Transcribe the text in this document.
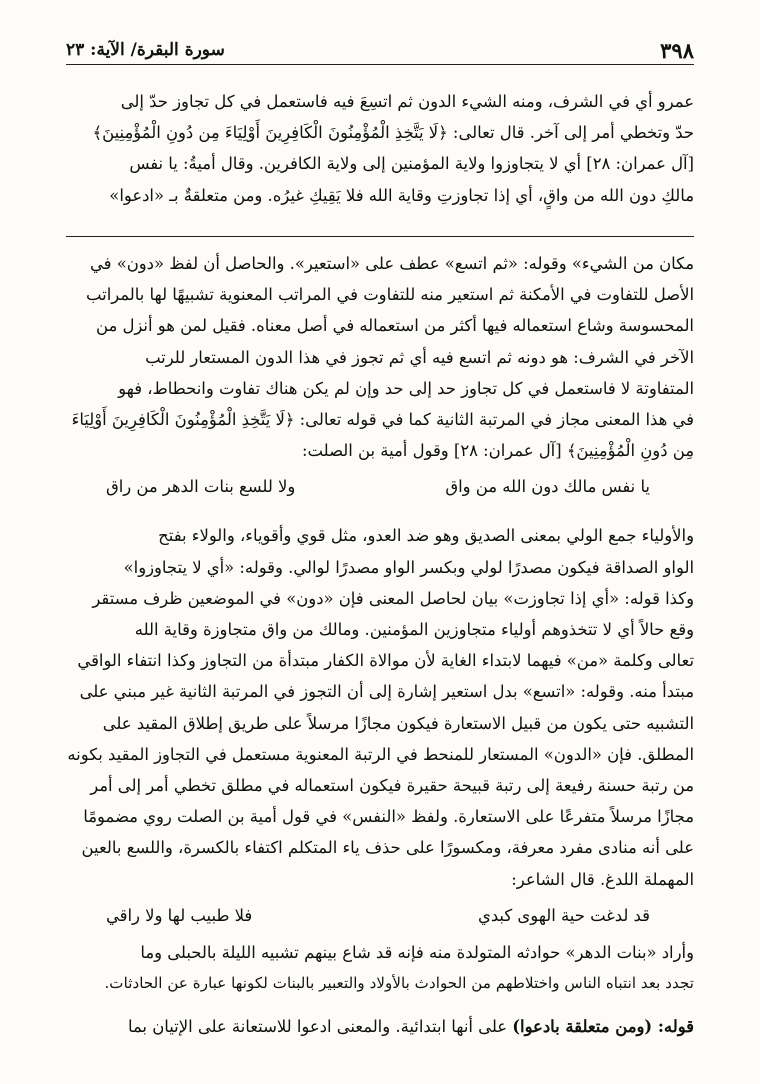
٣٩٨
سورة البقرة/ الآية: ٢٣

عمرو أي في الشرف، ومنه الشيء الدون ثم اتسِعَ فيه فاستعمل في كل تجاوز حدّ إلى

حدّ وتخطي أمر إلى آخر. قال تعالى: ﴿لَا يَتَّخِذِ الْمُؤْمِنُونَ الْكَافِرِينَ أَوْلِيَاءَ مِن دُونِ الْمُؤْمِنِينَ﴾

[آل عمران: ٢٨] أي لا يتجاوزوا ولاية المؤمنين إلى ولاية الكافرين. وقال أميةُ: يا نفس

مالكِ دون الله من واقٍ، أي إذا تجاوزتِ وقاية الله فلا يَقِيكِ غيرُه. ومن متعلقةٌ بـ «ادعوا»

مكان من الشيء» وقوله: «ثم اتسع» عطف على «استعير». والحاصل أن لفظ «دون» في

الأصل للتفاوت في الأمكنة ثم استعير منه للتفاوت في المراتب المعنوية تشبيهًا لها بالمراتب

المحسوسة وشاع استعماله فيها أكثر من استعماله في أصل معناه. فقيل لمن هو أنزل من

الآخر في الشرف: هو دونه ثم اتسع فيه أي ثم تجوز في هذا الدون المستعار للرتب

المتفاوتة لا فاستعمل في كل تجاوز حد إلى حد وإن لم يكن هناك تفاوت وانحطاط، فهو

في هذا المعنى مجاز في المرتبة الثانية كما في قوله تعالى: ﴿لَا يَتَّخِذِ الْمُؤْمِنُونَ الْكَافِرِينَ أَوْلِيَاءَ

مِن دُونِ الْمُؤْمِنِينَ﴾ [آل عمران: ٢٨] وقول أمية بن الصلت:

يا نفس مالك دون الله من واق
ولا للسع بنات الدهر من راق

والأولياء جمع الولي بمعنى الصديق وهو ضد العدو، مثل قوي وأقوياء، والولاء بفتح

الواو الصداقة فيكون مصدرًا لولي وبكسر الواو مصدرًا لوالي. وقوله: «أي لا يتجاوزوا»

وكذا قوله: «أي إذا تجاوزت» بيان لحاصل المعنى فإن «دون» في الموضعين ظرف مستقر

وقع حالاً أي لا تتخذوهم أولياء متجاوزين المؤمنين. ومالك من واق متجاوزة وقاية الله

تعالى وكلمة «من» فيهما لابتداء الغاية لأن موالاة الكفار مبتدأة من التجاوز وكذا انتفاء الواقي

مبتدأ منه. وقوله: «اتسع» بدل استعير إشارة إلى أن التجوز في المرتبة الثانية غير مبني على

التشبيه حتى يكون من قبيل الاستعارة فيكون مجازًا مرسلاً على طريق إطلاق المقيد على

المطلق. فإن «الدون» المستعار للمنحط في الرتبة المعنوية مستعمل في التجاوز المقيد بكونه

من رتبة حسنة رفيعة إلى رتبة قبيحة حقيرة فيكون استعماله في مطلق تخطي أمر إلى أمر

مجازًا مرسلاً متفرعًا على الاستعارة. ولفظ «النفس» في قول أمية بن الصلت روي مضمومًا

على أنه منادى مفرد معرفة، ومكسورًا على حذف ياء المتكلم اكتفاء بالكسرة، واللسع بالعين

المهملة اللدغ. قال الشاعر:

قد لدغت حية الهوى كبدي
فلا طبيب لها ولا راقي

وأراد «بنات الدهر» حوادثه المتولدة منه فإنه قد شاع بينهم تشبيه الليلة بالحبلى وما

تجدد بعد انتباه الناس واختلاطهم من الحوادث بالأولاد والتعبير بالبنات لكونها عبارة عن الحادثات.

قوله: (ومن متعلقة بادعوا) على أنها ابتدائية. والمعنى ادعوا للاستعانة على الإتيان بما
